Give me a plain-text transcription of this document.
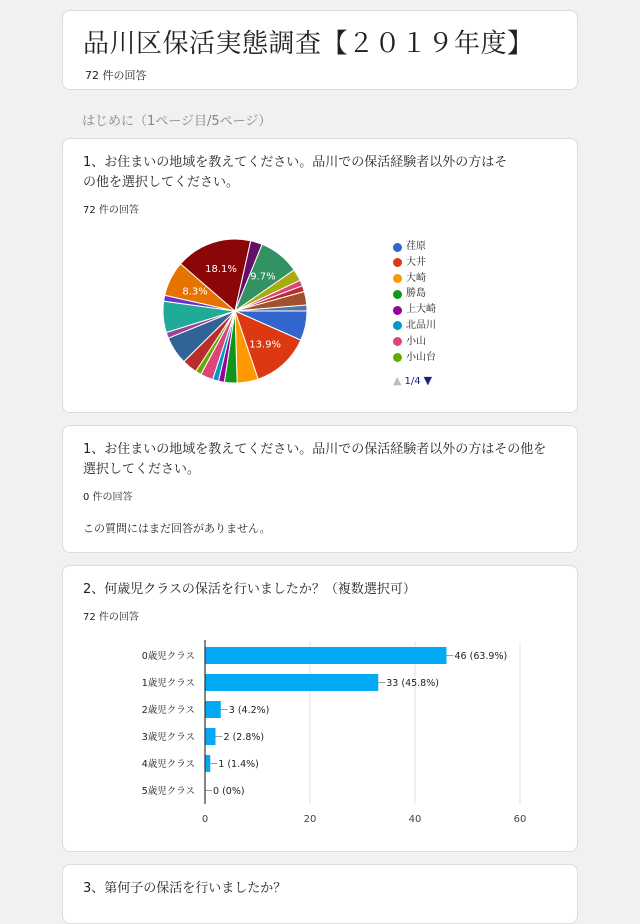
品川区保活実態調査【２０１９年度】
72 件の回答
はじめに（1ページ目/5ページ）
1、お住まいの地域を教えてください。品川での保活経験者以外の方はそ
の他を選択してください。
72 件の回答
13.9%
8.3%
18.1%
9.7%
荏原
大井
大崎
勝島
上大崎
北品川
小山
小山台
▲ 1/4 ▼
1、お住まいの地域を教えてください。品川での保活経験者以外の方はその他を
選択してください。
0 件の回答
この質問にはまだ回答がありません。
2、何歳児クラスの保活を行いましたか？（複数選択可）
72 件の回答
0	20	40	60
0歳児クラス	46 (63.9%)
1歳児クラス	33 (45.8%)
2歳児クラス	3 (4.2%)
3歳児クラス	2 (2.8%)
4歳児クラス 1 (1.4%)
5歳児クラス 0 (0%)
3、第何子の保活を行いましたか？
